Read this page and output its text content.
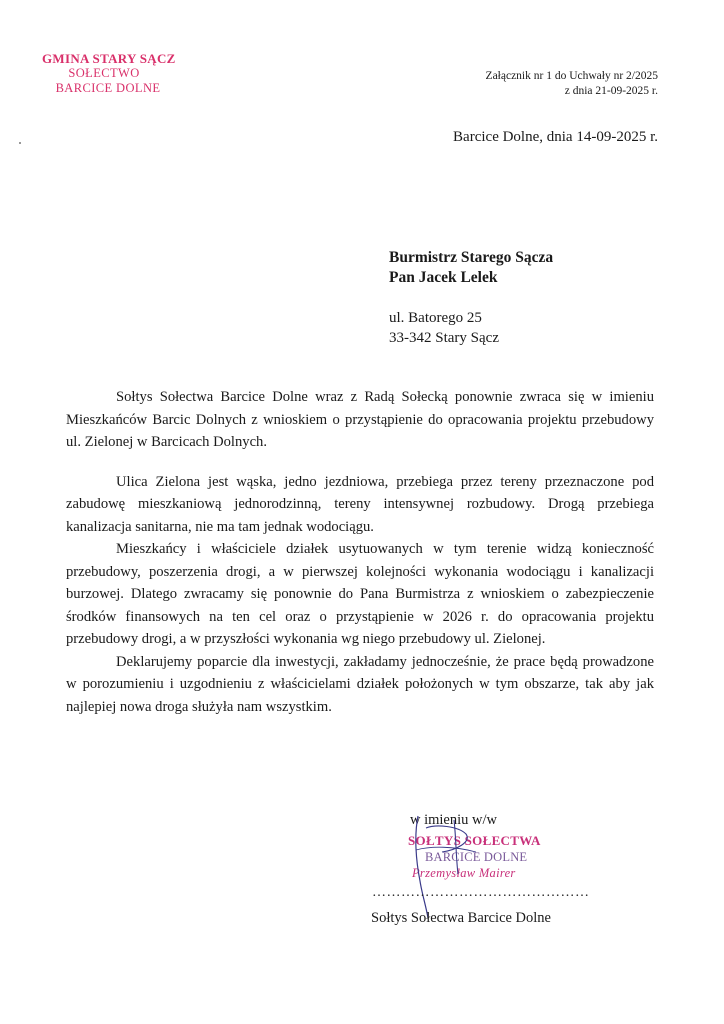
GMINA STARY SĄCZ
SOŁECTWO
BARCICE DOLNE
Załącznik nr 1 do Uchwały nr 2/2025
z dnia 21-09-2025 r.
Barcice Dolne, dnia 14-09-2025 r.
Burmistrz Starego Sącza
Pan Jacek Lelek
ul. Batorego 25
33-342 Stary Sącz

Sołtys Sołectwa Barcice Dolne wraz z Radą Sołecką ponownie zwraca się w imieniu Mieszkańców Barcic Dolnych z wnioskiem o przystąpienie do opracowania projektu przebudowy ul. Zielonej w Barcicach Dolnych.

Ulica Zielona jest wąska, jedno jezdniowa, przebiega przez tereny przeznaczone pod zabudowę mieszkaniową jednorodzinną, tereny intensywnej rozbudowy. Drogą przebiega kanalizacja sanitarna, nie ma tam jednak wodociągu.

Mieszkańcy i właściciele działek usytuowanych w tym terenie widzą konieczność przebudowy, poszerzenia drogi, a w pierwszej kolejności wykonania wodociągu i kanalizacji burzowej. Dlatego zwracamy się ponownie do Pana Burmistrza z wnioskiem o zabezpieczenie środków finansowych na ten cel oraz o przystąpienie w 2026 r. do opracowania projektu przebudowy drogi, a w przyszłości wykonania wg niego przebudowy ul. Zielonej.

Deklarujemy poparcie dla inwestycji, zakładamy jednocześnie, że prace będą prowadzone w porozumieniu i uzgodnieniu z właścicielami działek położonych w tym obszarze, tak aby jak najlepiej nowa droga służyła nam wszystkim.

w imieniu w/w
SOŁTYS SOŁECTWA
BARCICE DOLNE
Przemysław Mairer
………………………………………
Sołtys Sołectwa Barcice Dolne
